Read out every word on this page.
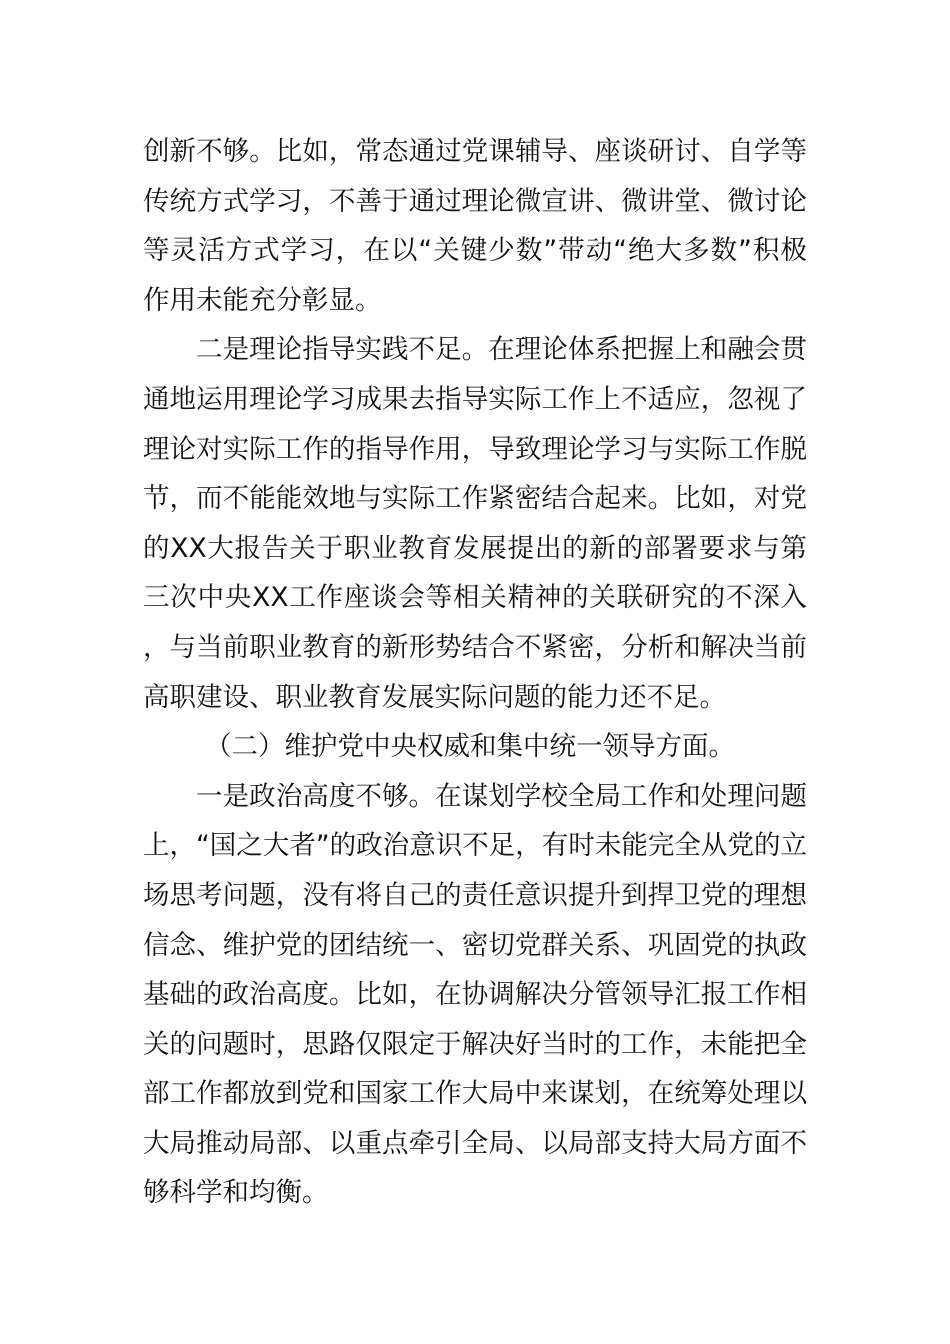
创新不够。比如，常态通过党课辅导、座谈研讨、自学等传统方式学习，不善于通过理论微宣讲、微讲堂、微讨论等灵活方式学习，在以“关键少数”带动“绝大多数”积极作用未能充分彰显。

二是理论指导实践不足。在理论体系把握上和融会贯通地运用理论学习成果去指导实际工作上不适应，忽视了理论对实际工作的指导作用，导致理论学习与实际工作脱节，而不能能效地与实际工作紧密结合起来。比如，对党的XX大报告关于职业教育发展提出的新的部署要求与第三次中央XX工作座谈会等相关精神的关联研究的不深入，与当前职业教育的新形势结合不紧密，分析和解决当前高职建设、职业教育发展实际问题的能力还不足。

（二）维护党中央权威和集中统一领导方面。

一是政治高度不够。在谋划学校全局工作和处理问题上，“国之大者”的政治意识不足，有时未能完全从党的立场思考问题，没有将自己的责任意识提升到捍卫党的理想信念、维护党的团结统一、密切党群关系、巩固党的执政基础的政治高度。比如，在协调解决分管领导汇报工作相关的问题时，思路仅限定于解决好当时的工作，未能把全部工作都放到党和国家工作大局中来谋划，在统筹处理以大局推动局部、以重点牵引全局、以局部支持大局方面不够科学和均衡。
